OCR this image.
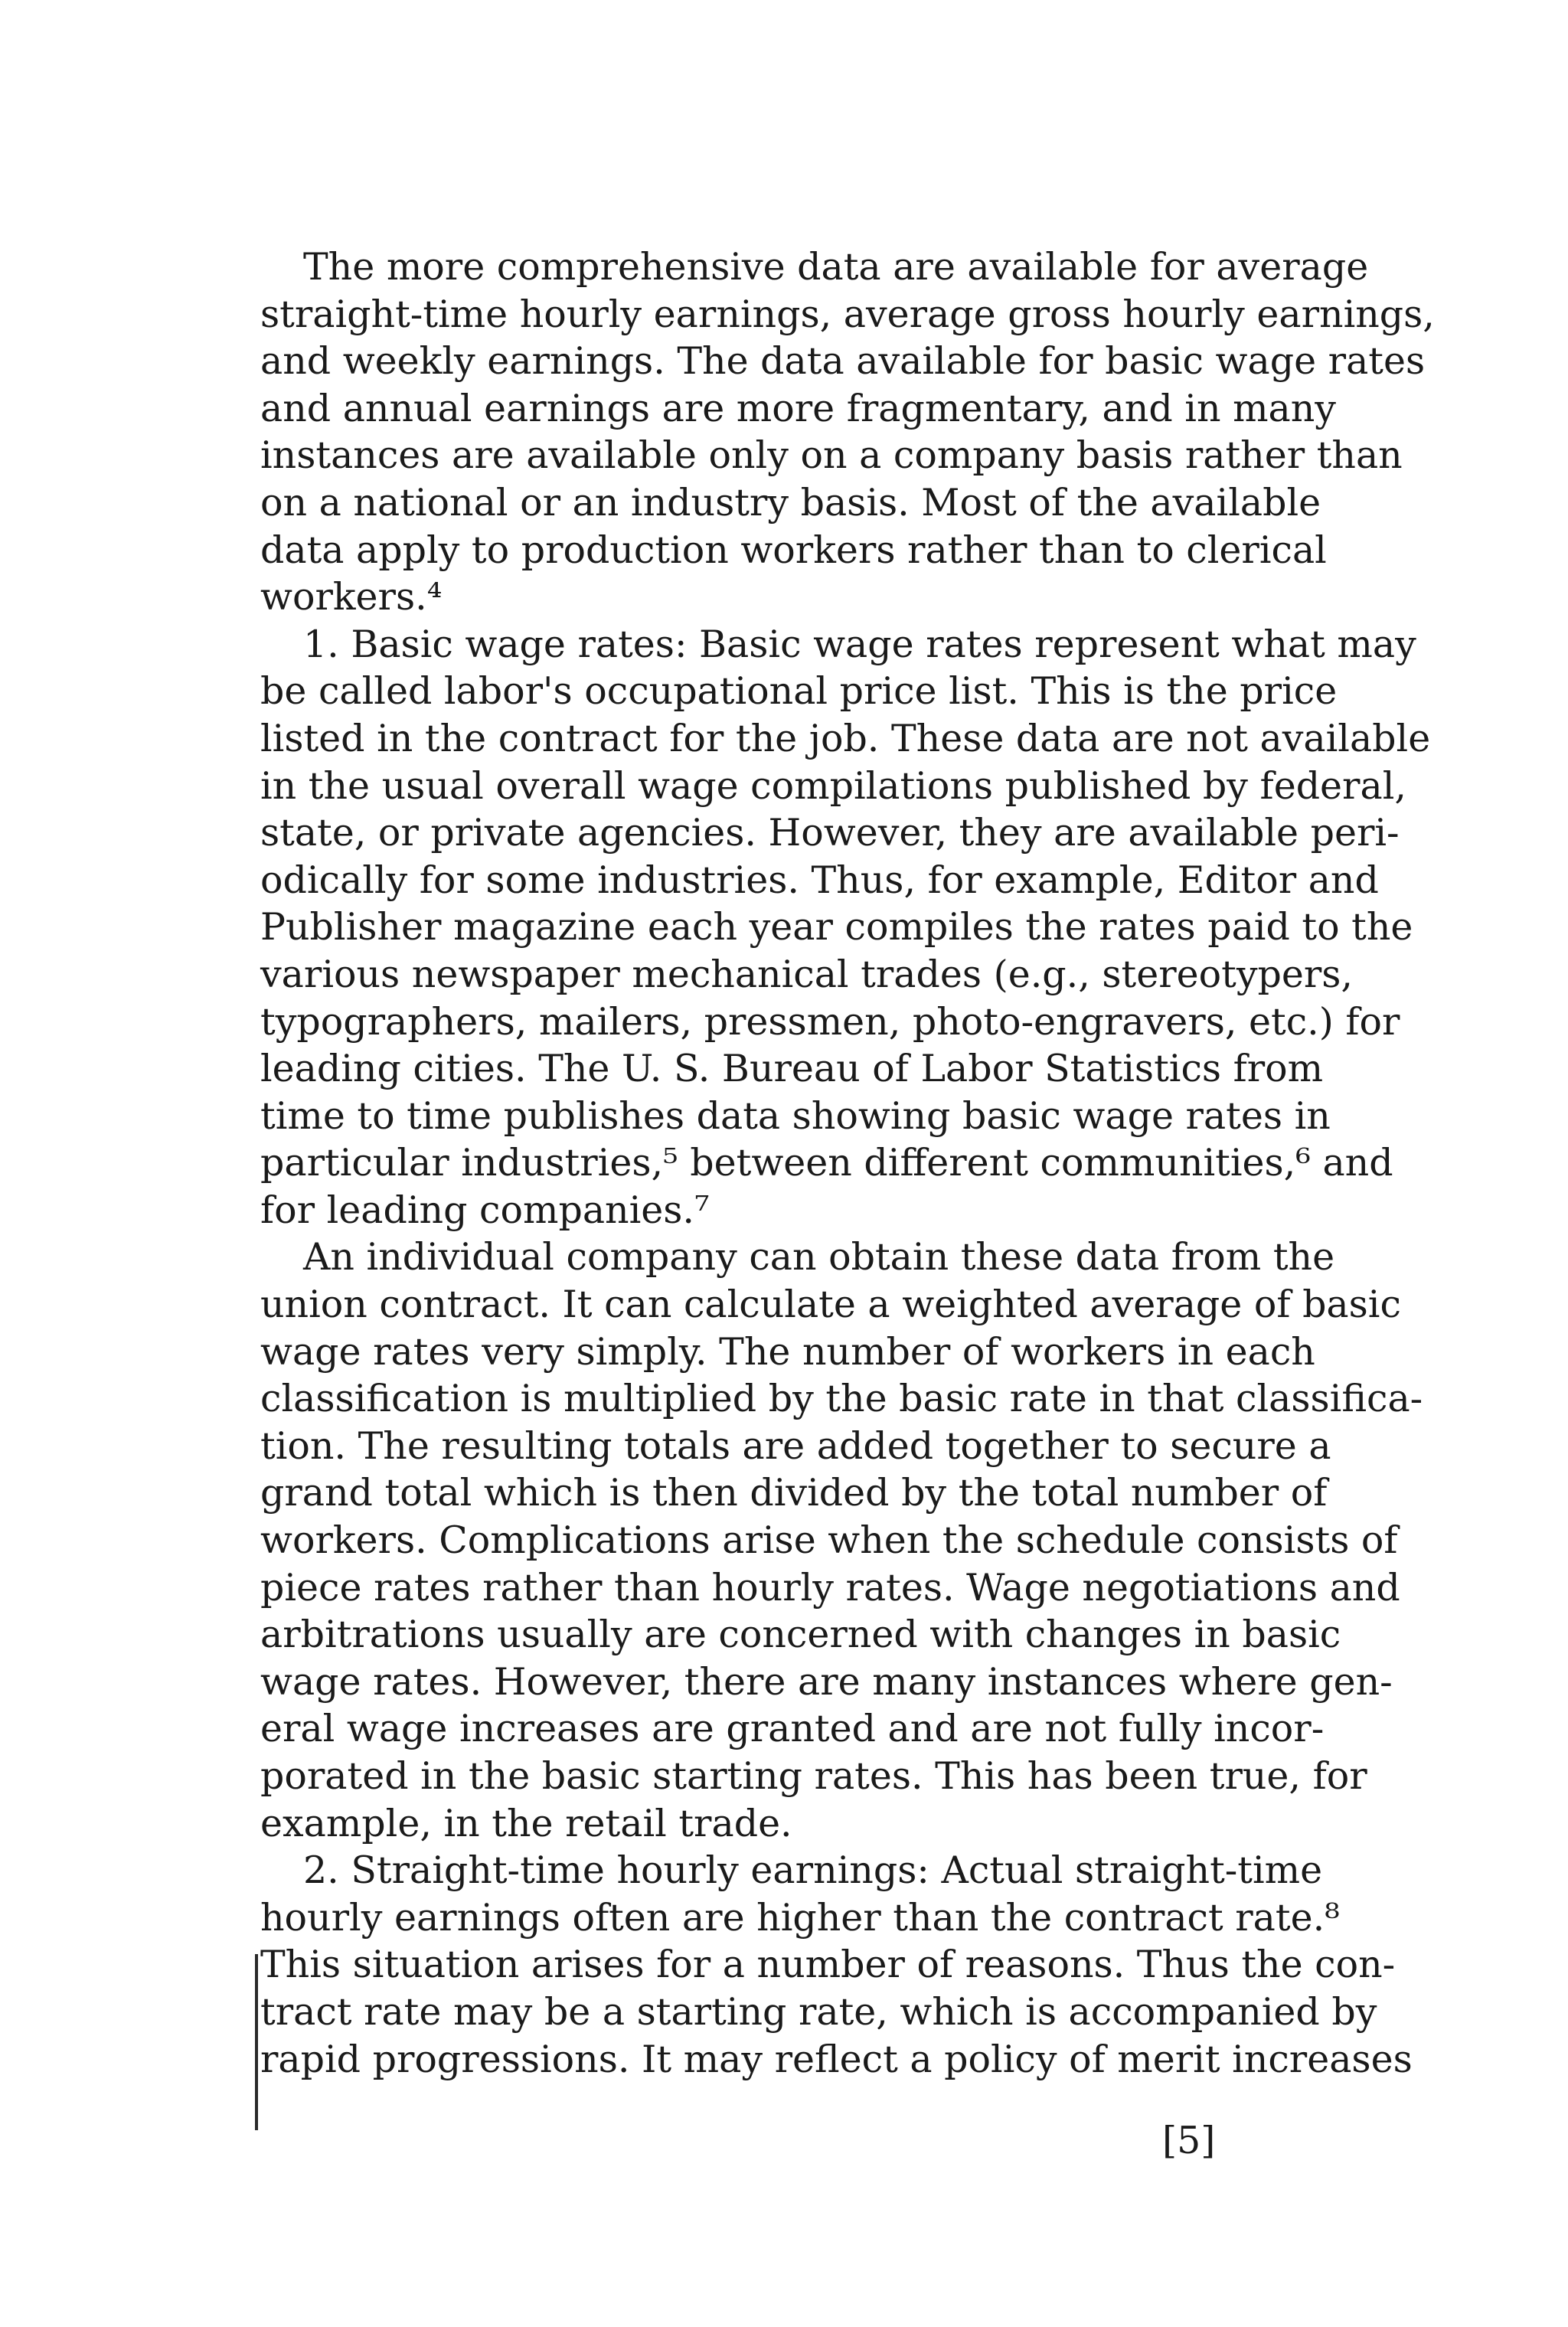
The more comprehensive data are available for average
straight-time hourly earnings, average gross hourly earnings,
and weekly earnings. The data available for basic wage rates
and annual earnings are more fragmentary, and in many
instances are available only on a company basis rather than
on a national or an industry basis. Most of the available
data apply to production workers rather than to clerical
workers.⁴
1. Basic wage rates: Basic wage rates represent what may
be called labor's occupational price list. This is the price
listed in the contract for the job. These data are not available
in the usual overall wage compilations published by federal,
state, or private agencies. However, they are available peri-
odically for some industries. Thus, for example, Editor and
Publisher magazine each year compiles the rates paid to the
various newspaper mechanical trades (e.g., stereotypers,
typographers, mailers, pressmen, photo-engravers, etc.) for
leading cities. The U. S. Bureau of Labor Statistics from
time to time publishes data showing basic wage rates in
particular industries,⁵ between different communities,⁶ and
for leading companies.⁷
An individual company can obtain these data from the
union contract. It can calculate a weighted average of basic
wage rates very simply. The number of workers in each
classification is multiplied by the basic rate in that classifica-
tion. The resulting totals are added together to secure a
grand total which is then divided by the total number of
workers. Complications arise when the schedule consists of
piece rates rather than hourly rates. Wage negotiations and
arbitrations usually are concerned with changes in basic
wage rates. However, there are many instances where gen-
eral wage increases are granted and are not fully incor-
porated in the basic starting rates. This has been true, for
example, in the retail trade.
2. Straight-time hourly earnings: Actual straight-time
hourly earnings often are higher than the contract rate.⁸
This situation arises for a number of reasons. Thus the con-
tract rate may be a starting rate, which is accompanied by
rapid progressions. It may reflect a policy of merit increases
[5]
